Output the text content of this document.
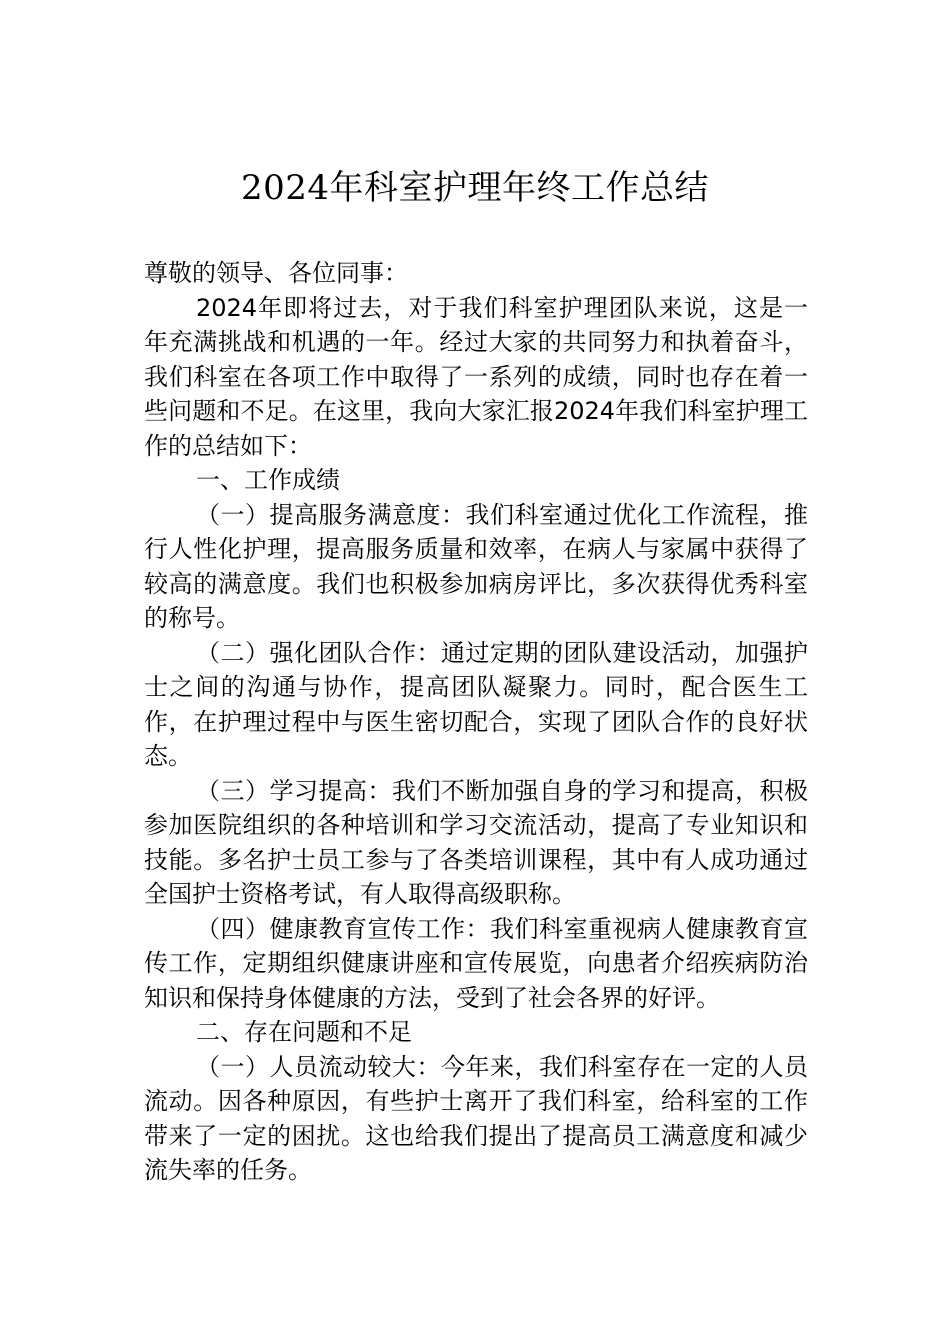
2024年科室护理年终工作总结

尊敬的领导、各位同事：

2024年即将过去，对于我们科室护理团队来说，这是一年充满挑战和机遇的一年。经过大家的共同努力和执着奋斗，我们科室在各项工作中取得了一系列的成绩，同时也存在着一些问题和不足。在这里，我向大家汇报2024年我们科室护理工作的总结如下：

一、工作成绩

（一）提高服务满意度：我们科室通过优化工作流程，推行人性化护理，提高服务质量和效率，在病人与家属中获得了较高的满意度。我们也积极参加病房评比，多次获得优秀科室的称号。

（二）强化团队合作：通过定期的团队建设活动，加强护士之间的沟通与协作，提高团队凝聚力。同时，配合医生工作，在护理过程中与医生密切配合，实现了团队合作的良好状态。

（三）学习提高：我们不断加强自身的学习和提高，积极参加医院组织的各种培训和学习交流活动，提高了专业知识和技能。多名护士员工参与了各类培训课程，其中有人成功通过全国护士资格考试，有人取得高级职称。

（四）健康教育宣传工作：我们科室重视病人健康教育宣传工作，定期组织健康讲座和宣传展览，向患者介绍疾病防治知识和保持身体健康的方法，受到了社会各界的好评。

二、存在问题和不足

（一）人员流动较大：今年来，我们科室存在一定的人员流动。因各种原因，有些护士离开了我们科室，给科室的工作带来了一定的困扰。这也给我们提出了提高员工满意度和减少流失率的任务。
